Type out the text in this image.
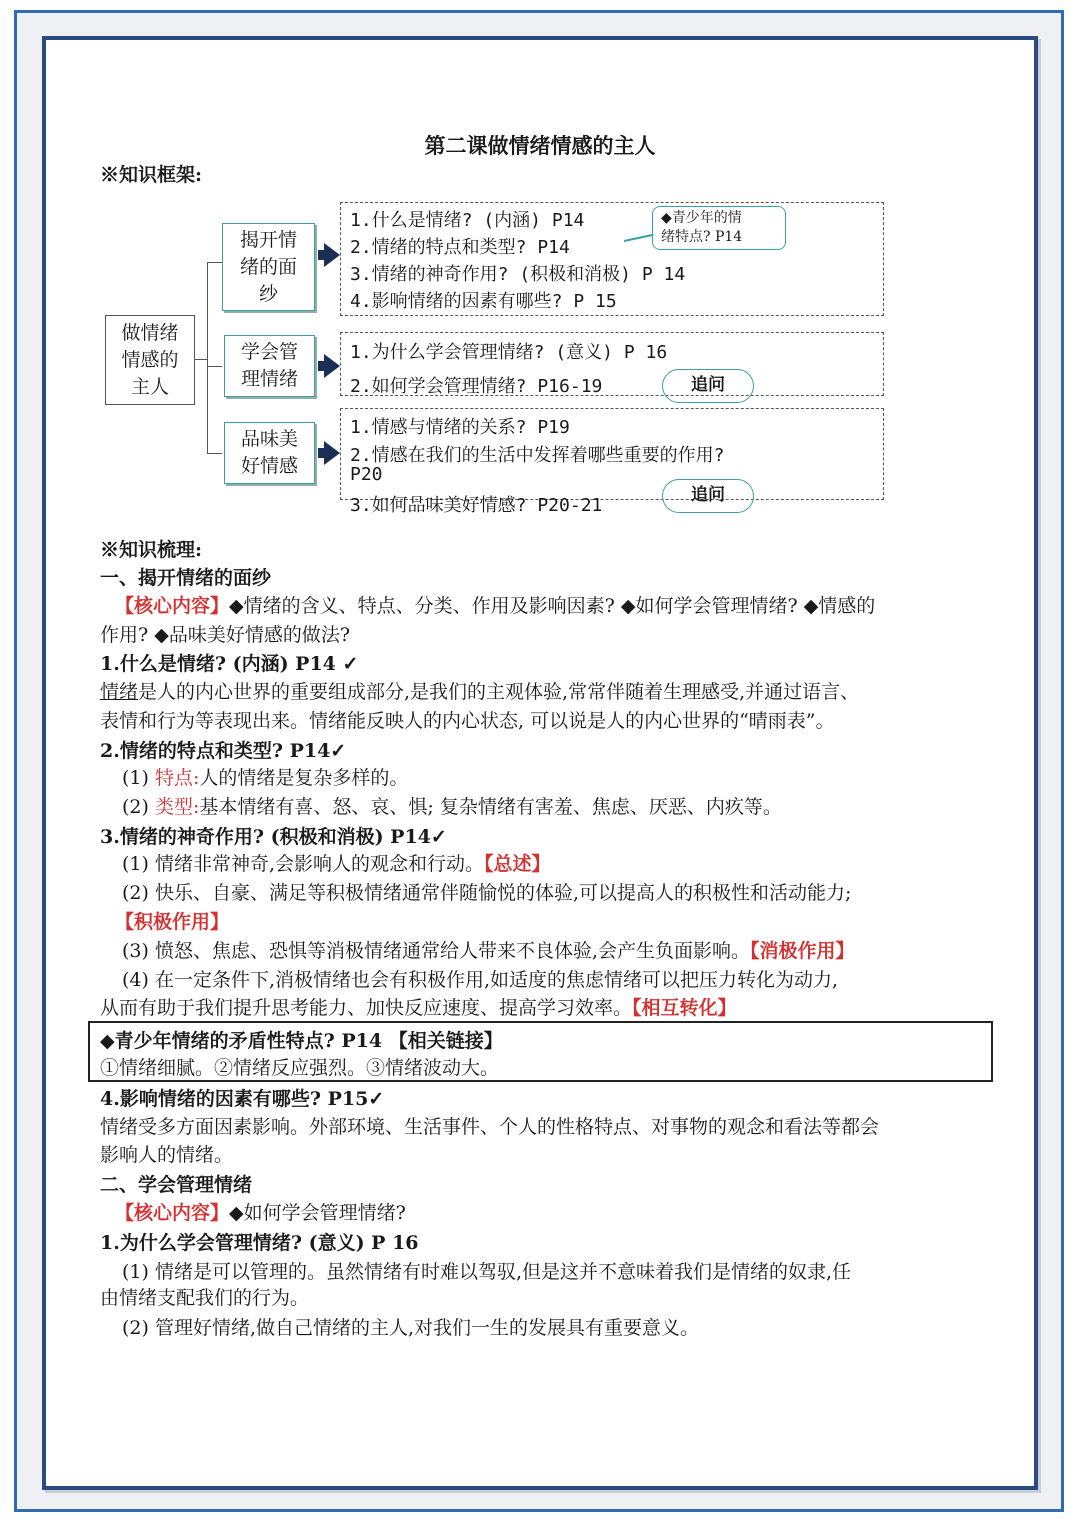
第二课做情绪情感的主人
※知识框架:
做情绪
情感的
主人
揭开情
绪的面
纱
1.什么是情绪? (内涵) P14
2.情绪的特点和类型? P14
3.情绪的神奇作用? (积极和消极) P 14
4.影响情绪的因素有哪些? P 15
◆青少年的情
绪特点? P14
学会管
理情绪
1.为什么学会管理情绪? (意义) P 16
2.如何学会管理情绪? P16-19	追问
品味美
好情感
1.情感与情绪的关系? P19
2.情感在我们的生活中发挥着哪些重要的作用?
P20
3.如何品味美好情感? P20-21	追问
※知识梳理:
一、揭开情绪的面纱
【核心内容】◆情绪的含义、特点、分类、作用及影响因素? ◆如何学会管理情绪? ◆情感的
作用? ◆品味美好情感的做法?
1.什么是情绪? (内涵) P14 ✓
情绪是人的内心世界的重要组成部分,是我们的主观体验,常常伴随着生理感受,并通过语言、
表情和行为等表现出来。情绪能反映人的内心状态, 可以说是人的内心世界的“晴雨表”。
2.情绪的特点和类型? P14✓
(1) 特点:人的情绪是复杂多样的。
(2) 类型:基本情绪有喜、怒、哀、惧; 复杂情绪有害羞、焦虑、厌恶、内疚等。
3.情绪的神奇作用? (积极和消极) P14✓
(1) 情绪非常神奇,会影响人的观念和行动。【总述】
(2) 快乐、自豪、满足等积极情绪通常伴随愉悦的体验,可以提高人的积极性和活动能力;
【积极作用】
(3) 愤怒、焦虑、恐惧等消极情绪通常给人带来不良体验,会产生负面影响。【消极作用】
(4) 在一定条件下,消极情绪也会有积极作用,如适度的焦虑情绪可以把压力转化为动力,
从而有助于我们提升思考能力、加快反应速度、提高学习效率。【相互转化】
◆青少年情绪的矛盾性特点? P14 【相关链接】
①情绪细腻。②情绪反应强烈。③情绪波动大。
4.影响情绪的因素有哪些? P15✓
情绪受多方面因素影响。外部环境、生活事件、个人的性格特点、对事物的观念和看法等都会
影响人的情绪。
二、学会管理情绪
【核心内容】◆如何学会管理情绪?
1.为什么学会管理情绪? (意义) P 16
(1) 情绪是可以管理的。虽然情绪有时难以驾驭,但是这并不意味着我们是情绪的奴隶,任
由情绪支配我们的行为。
(2) 管理好情绪,做自己情绪的主人,对我们一生的发展具有重要意义。
